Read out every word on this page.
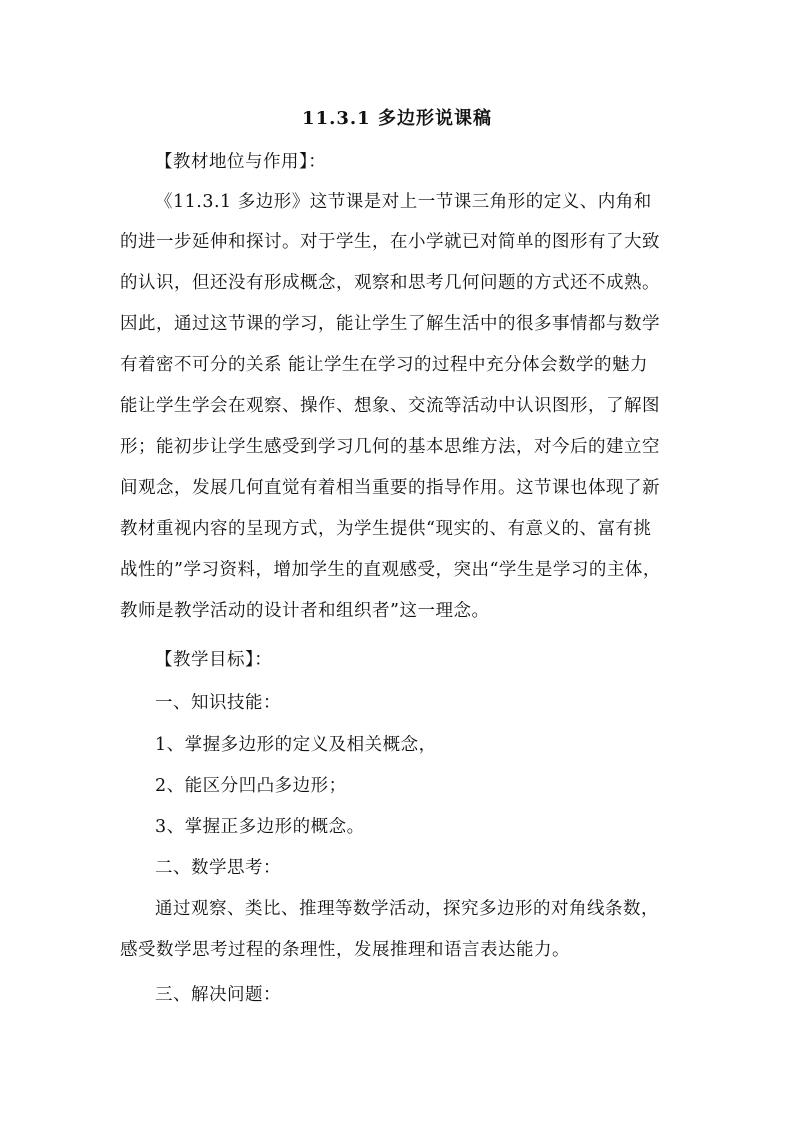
11.3.1 多边形说课稿
【教材地位与作用】：
《11.3.1 多边形》这节课是对上一节课三角形的定义、内角和
的进一步延伸和探讨。对于学生，在小学就已对简单的图形有了大致
的认识，但还没有形成概念，观察和思考几何问题的方式还不成熟。
因此，通过这节课的学习，能让学生了解生活中的很多事情都与数学
有着密不可分的关系 能让学生在学习的过程中充分体会数学的魅力
能让学生学会在观察、操作、想象、交流等活动中认识图形，了解图
形；能初步让学生感受到学习几何的基本思维方法，对今后的建立空
间观念，发展几何直觉有着相当重要的指导作用。这节课也体现了新
教材重视内容的呈现方式，为学生提供“现实的、有意义的、富有挑
战性的”学习资料，增加学生的直观感受，突出“学生是学习的主体，
教师是教学活动的设计者和组织者”这一理念。
【教学目标】：
一、知识技能：
1、掌握多边形的定义及相关概念，
2、能区分凹凸多边形；
3、掌握正多边形的概念。
二、数学思考：
通过观察、类比、推理等数学活动，探究多边形的对角线条数，
感受数学思考过程的条理性，发展推理和语言表达能力。
三、解决问题：
